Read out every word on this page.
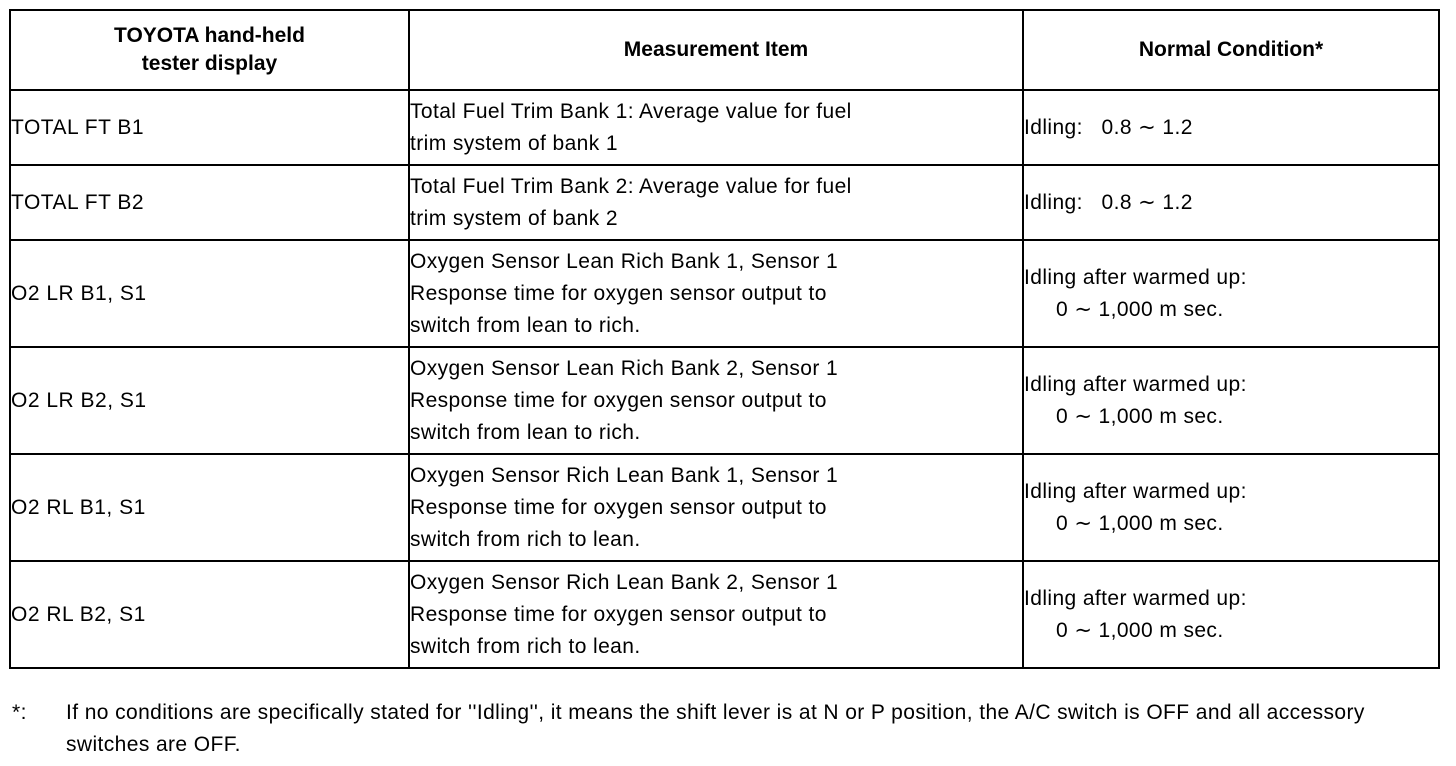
TOYOTA hand-held
tester display	Measurement Item	Normal Condition*

TOTAL FT B1	Total Fuel Trim Bank 1: Average value for fuel
trim system of bank 1	Idling:   0.8 ∼ 1.2

TOTAL FT B2	Total Fuel Trim Bank 2: Average value for fuel
trim system of bank 2	Idling:   0.8 ∼ 1.2

O2 LR B1, S1	Oxygen Sensor Lean Rich Bank 1, Sensor 1
Response time for oxygen sensor output to
switch from lean to rich.	Idling after warmed up:
0 ∼ 1,000 m sec.

O2 LR B2, S1	Oxygen Sensor Lean Rich Bank 2, Sensor 1
Response time for oxygen sensor output to
switch from lean to rich.	Idling after warmed up:
0 ∼ 1,000 m sec.

O2 RL B1, S1	Oxygen Sensor Rich Lean Bank 1, Sensor 1
Response time for oxygen sensor output to
switch from rich to lean.	Idling after warmed up:
0 ∼ 1,000 m sec.

O2 RL B2, S1	Oxygen Sensor Rich Lean Bank 2, Sensor 1
Response time for oxygen sensor output to
switch from rich to lean.	Idling after warmed up:
0 ∼ 1,000 m sec.
*: If no conditions are specifically stated for ''Idling'', it means the shift lever is at N or P position, the A/C switch is OFF and all accessory switches are OFF.
